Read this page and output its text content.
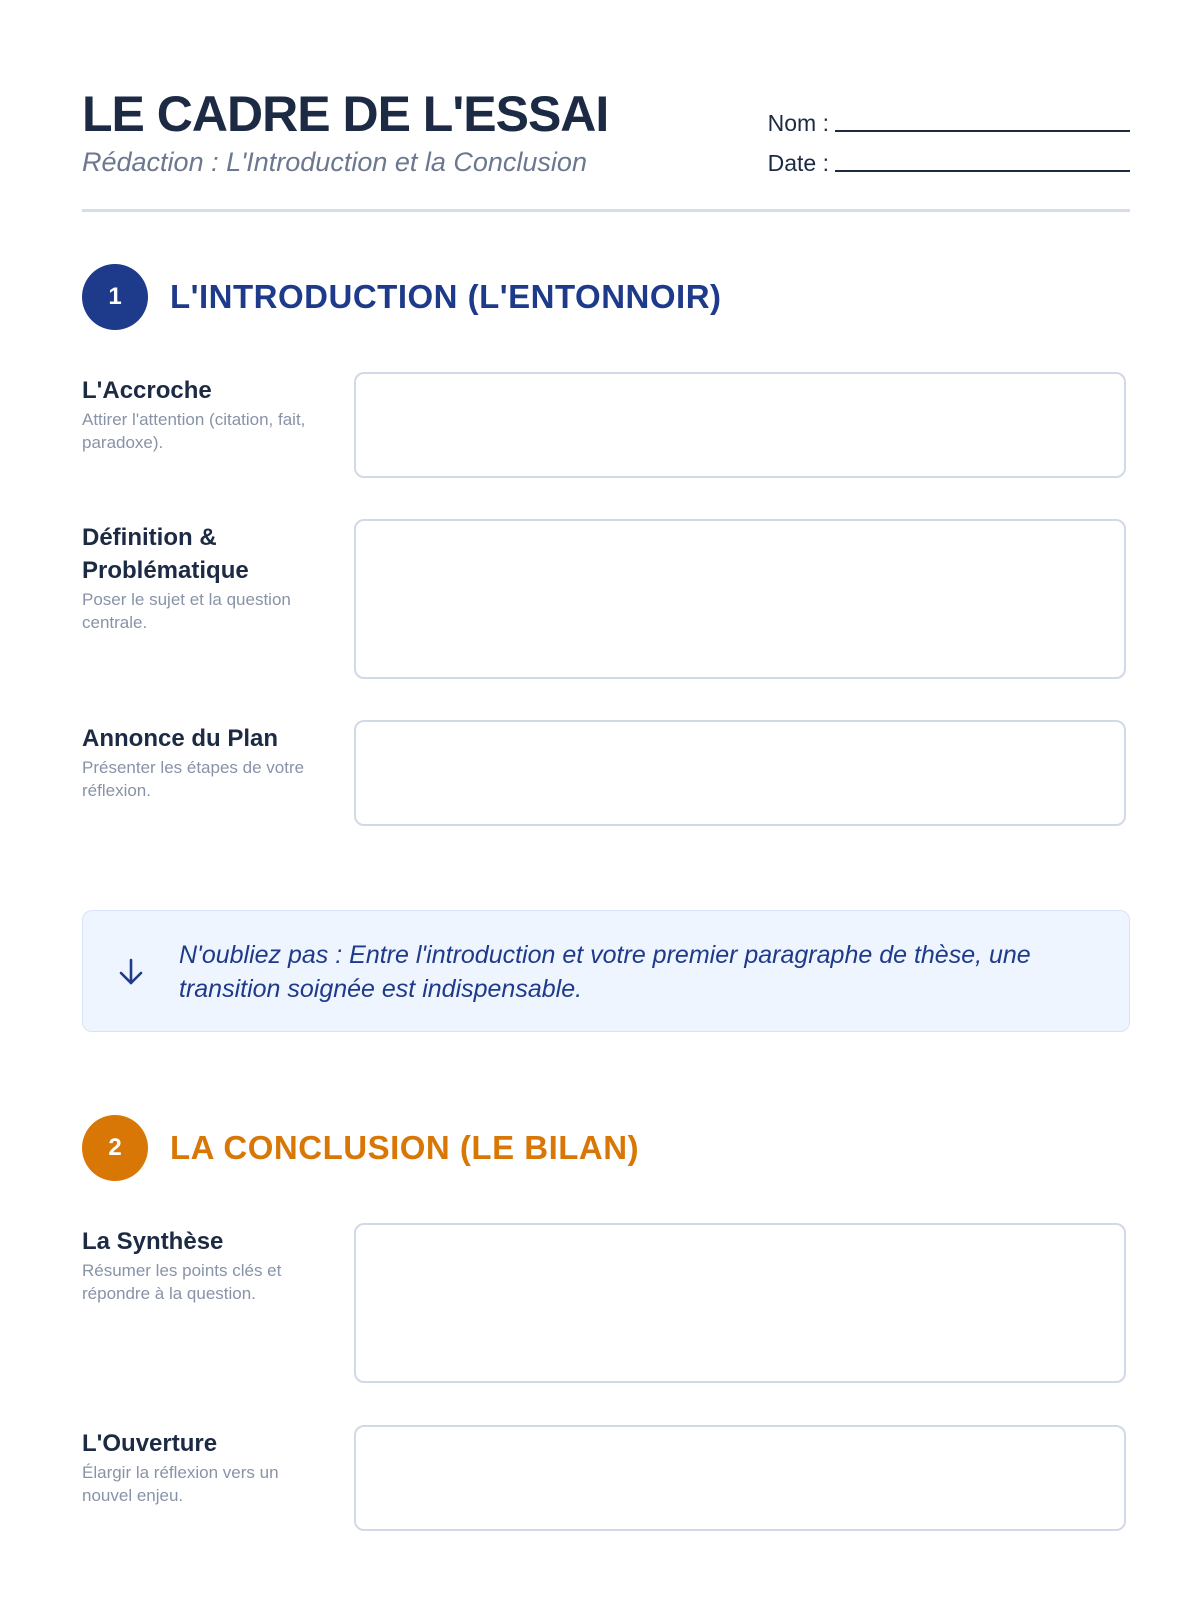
LE CADRE DE L'ESSAI
Rédaction : L'Introduction et la Conclusion
Nom :
Date :
1	L'INTRODUCTION (L'ENTONNOIR)
L'Accroche
Attirer l'attention (citation, fait, paradoxe).
Définition & Problématique
Poser le sujet et la question centrale.
Annonce du Plan
Présenter les étapes de votre réflexion.
N'oubliez pas : Entre l'introduction et votre premier paragraphe de thèse, une transition soignée est indispensable.
2	LA CONCLUSION (LE BILAN)
La Synthèse
Résumer les points clés et répondre à la question.
L'Ouverture
Élargir la réflexion vers un nouvel enjeu.
